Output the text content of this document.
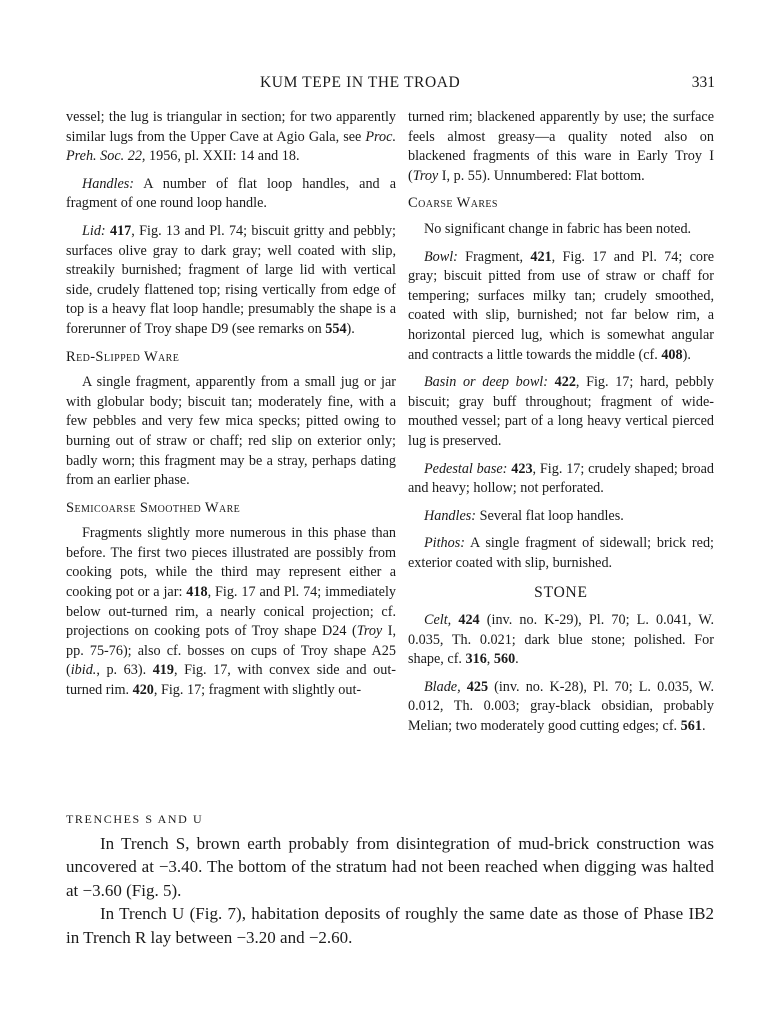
KUM TEPE IN THE TROAD	331

vessel; the lug is triangular in section; for two apparently similar lugs from the Upper Cave at Agio Gala, see Proc. Preh. Soc. 22, 1956, pl. XXII: 14 and 18.

Handles: A number of flat loop handles, and a fragment of one round loop handle.

Lid: 417, Fig. 13 and Pl. 74; biscuit gritty and pebbly; surfaces olive gray to dark gray; well coated with slip, streakily burnished; fragment of large lid with vertical side, crudely flattened top; rising vertically from edge of top is a heavy flat loop handle; presumably the shape is a forerunner of Troy shape D9 (see remarks on 554).

Red-Slipped Ware

A single fragment, apparently from a small jug or jar with globular body; biscuit tan; moderately fine, with a few pebbles and very few mica specks; pitted owing to burning out of straw or chaff; red slip on exterior only; badly worn; this fragment may be a stray, perhaps dating from an earlier phase.

Semicoarse Smoothed Ware

Fragments slightly more numerous in this phase than before. The first two pieces illustrated are possibly from cooking pots, while the third may represent either a cooking pot or a jar: 418, Fig. 17 and Pl. 74; immediately below out-turned rim, a nearly conical projection; cf. projections on cooking pots of Troy shape D24 (Troy I, pp. 75-76); also cf. bosses on cups of Troy shape A25 (ibid., p. 63). 419, Fig. 17, with convex side and out-turned rim. 420, Fig. 17; fragment with slightly out-

turned rim; blackened apparently by use; the surface feels almost greasy—a quality noted also on blackened fragments of this ware in Early Troy I (Troy I, p. 55). Unnumbered: Flat bottom.

Coarse Wares

No significant change in fabric has been noted.

Bowl: Fragment, 421, Fig. 17 and Pl. 74; core gray; biscuit pitted from use of straw or chaff for tempering; surfaces milky tan; crudely smoothed, coated with slip, burnished; not far below rim, a horizontal pierced lug, which is somewhat angular and contracts a little towards the middle (cf. 408).

Basin or deep bowl: 422, Fig. 17; hard, pebbly biscuit; gray buff throughout; fragment of wide-mouthed vessel; part of a long heavy vertical pierced lug is preserved.

Pedestal base: 423, Fig. 17; crudely shaped; broad and heavy; hollow; not perforated.

Handles: Several flat loop handles.

Pithos: A single fragment of sidewall; brick red; exterior coated with slip, burnished.

STONE

Celt, 424 (inv. no. K-29), Pl. 70; L. 0.041, W. 0.035, Th. 0.021; dark blue stone; polished. For shape, cf. 316, 560.

Blade, 425 (inv. no. K-28), Pl. 70; L. 0.035, W. 0.012, Th. 0.003; gray-black obsidian, probably Melian; two moderately good cutting edges; cf. 561.

TRENCHES S AND U

In Trench S, brown earth probably from disintegration of mud-brick construction was uncovered at −3.40. The bottom of the stratum had not been reached when digging was halted at −3.60 (Fig. 5).

In Trench U (Fig. 7), habitation deposits of roughly the same date as those of Phase IB2 in Trench R lay between −3.20 and −2.60.
